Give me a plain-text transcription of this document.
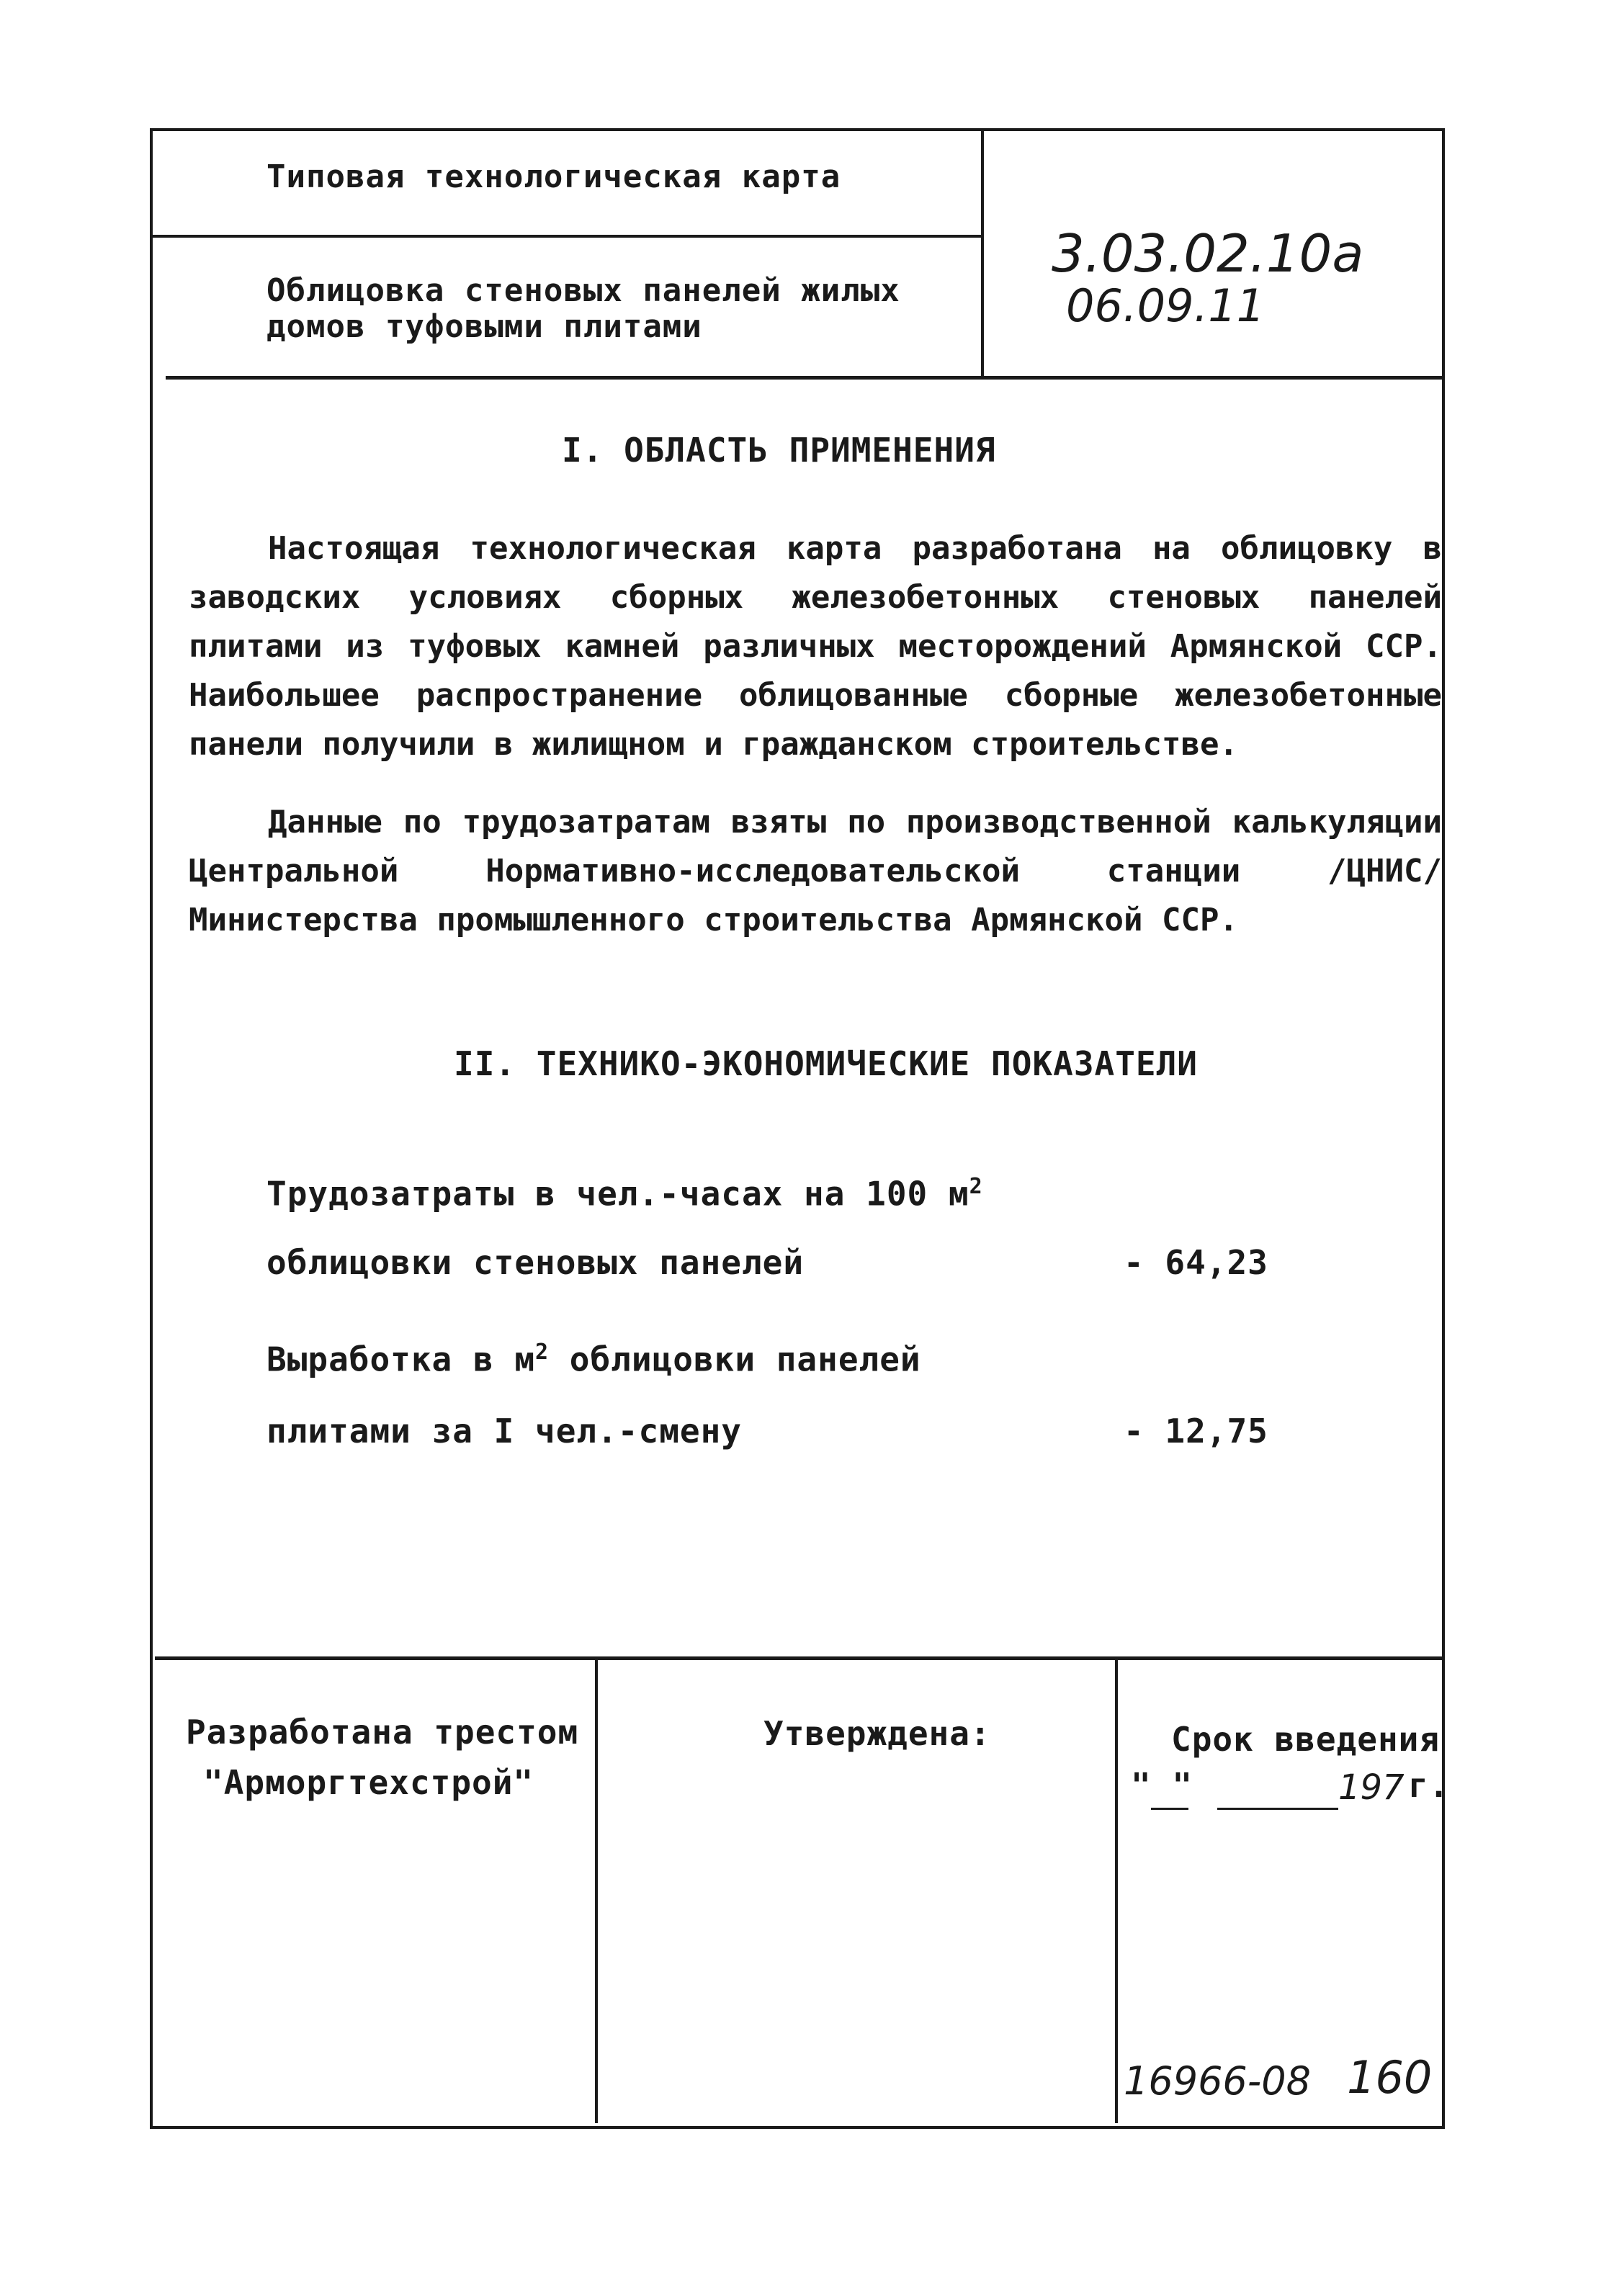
Типовая технологическая карта
Облицовка стеновых панелей жилых
домов туфовыми плитами
3.03.02.10а
06.09.11
I. ОБЛАСТЬ ПРИМЕНЕНИЯ
Настоящая технологическая карта разработана на облицовку в заводских условиях сборных железобетонных стеновых панелей плитами из туфовых камней различных месторождений Армянской ССР. Наибольшее распространение облицованные сборные железобетонные панели получили в жилищном и гражданском строительстве.
Данные по трудозатратам взяты по производственной калькуляции Центральной Нормативно-исследовательской станции /ЦНИС/ Министерства промышленного строительства Армянской ССР.
II. ТЕХНИКО-ЭКОНОМИЧЕСКИЕ ПОКАЗАТЕЛИ
Трудозатраты в чел.-часах на 100 $м^2$
облицовки стеновых панелей	- 64,23
Выработка в $м^2$ облицовки панелей
плитами за I чел.-смену	- 12,75
Разработана трестом
"Арморгтехстрой"
Утверждена:	Срок введения
" "	197 г.
16966-08 160
